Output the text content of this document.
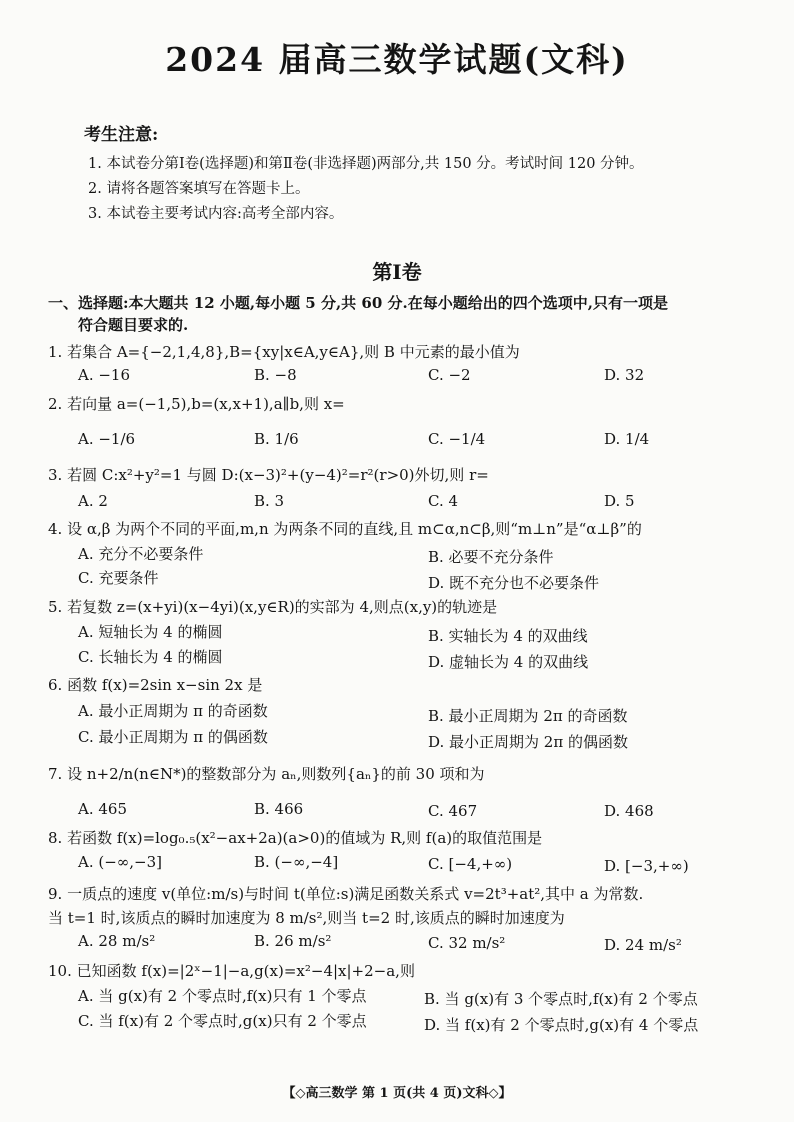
2024 届高三数学试题(文科)
考生注意:
1. 本试卷分第Ⅰ卷(选择题)和第Ⅱ卷(非选择题)两部分,共 150 分。考试时间 120 分钟。
2. 请将各题答案填写在答题卡上。
3. 本试卷主要考试内容:高考全部内容。
第Ⅰ卷
一、选择题:本大题共 12 小题,每小题 5 分,共 60 分.在每小题给出的四个选项中,只有一项是
符合题目要求的.
1. 若集合 A={−2,1,4,8},B={xy|x∈A,y∈A},则 B 中元素的最小值为
A. −16	B. −8	C. −2	D. 32
2. 若向量 a=(−1,5),b=(x,x+1),a∥b,则 x=
A. −1/6	B. 1/6	C. −1/4	D. 1/4
3. 若圆 C:x²+y²=1 与圆 D:(x−3)²+(y−4)²=r²(r>0)外切,则 r=
A. 2	B. 3	C. 4	D. 5
4. 设 α,β 为两个不同的平面,m,n 为两条不同的直线,且 m⊂α,n⊂β,则“m⊥n”是“α⊥β”的
A. 充分不必要条件	B. 必要不充分条件
C. 充要条件	D. 既不充分也不必要条件
5. 若复数 z=(x+yi)(x−4yi)(x,y∈R)的实部为 4,则点(x,y)的轨迹是
A. 短轴长为 4 的椭圆	B. 实轴长为 4 的双曲线
C. 长轴长为 4 的椭圆	D. 虚轴长为 4 的双曲线
6. 函数 f(x)=2sin x−sin 2x 是
A. 最小正周期为 π 的奇函数	B. 最小正周期为 2π 的奇函数
C. 最小正周期为 π 的偶函数	D. 最小正周期为 2π 的偶函数
7. 设 n+2/n(n∈N*)的整数部分为 aₙ,则数列{aₙ}的前 30 项和为
A. 465	B. 466	C. 467	D. 468
8. 若函数 f(x)=log₀.₅(x²−ax+2a)(a>0)的值域为 R,则 f(a)的取值范围是
A. (−∞,−3]	B. (−∞,−4]	C. [−4,+∞)	D. [−3,+∞)
9. 一质点的速度 v(单位:m/s)与时间 t(单位:s)满足函数关系式 v=2t³+at²,其中 a 为常数.
当 t=1 时,该质点的瞬时加速度为 8 m/s²,则当 t=2 时,该质点的瞬时加速度为
A. 28 m/s²	B. 26 m/s²	C. 32 m/s²	D. 24 m/s²
10. 已知函数 f(x)=|2ˣ−1|−a,g(x)=x²−4|x|+2−a,则
A. 当 g(x)有 2 个零点时,f(x)只有 1 个零点	B. 当 g(x)有 3 个零点时,f(x)有 2 个零点
C. 当 f(x)有 2 个零点时,g(x)只有 2 个零点	D. 当 f(x)有 2 个零点时,g(x)有 4 个零点
【◇高三数学 第 1 页(共 4 页)文科◇】
